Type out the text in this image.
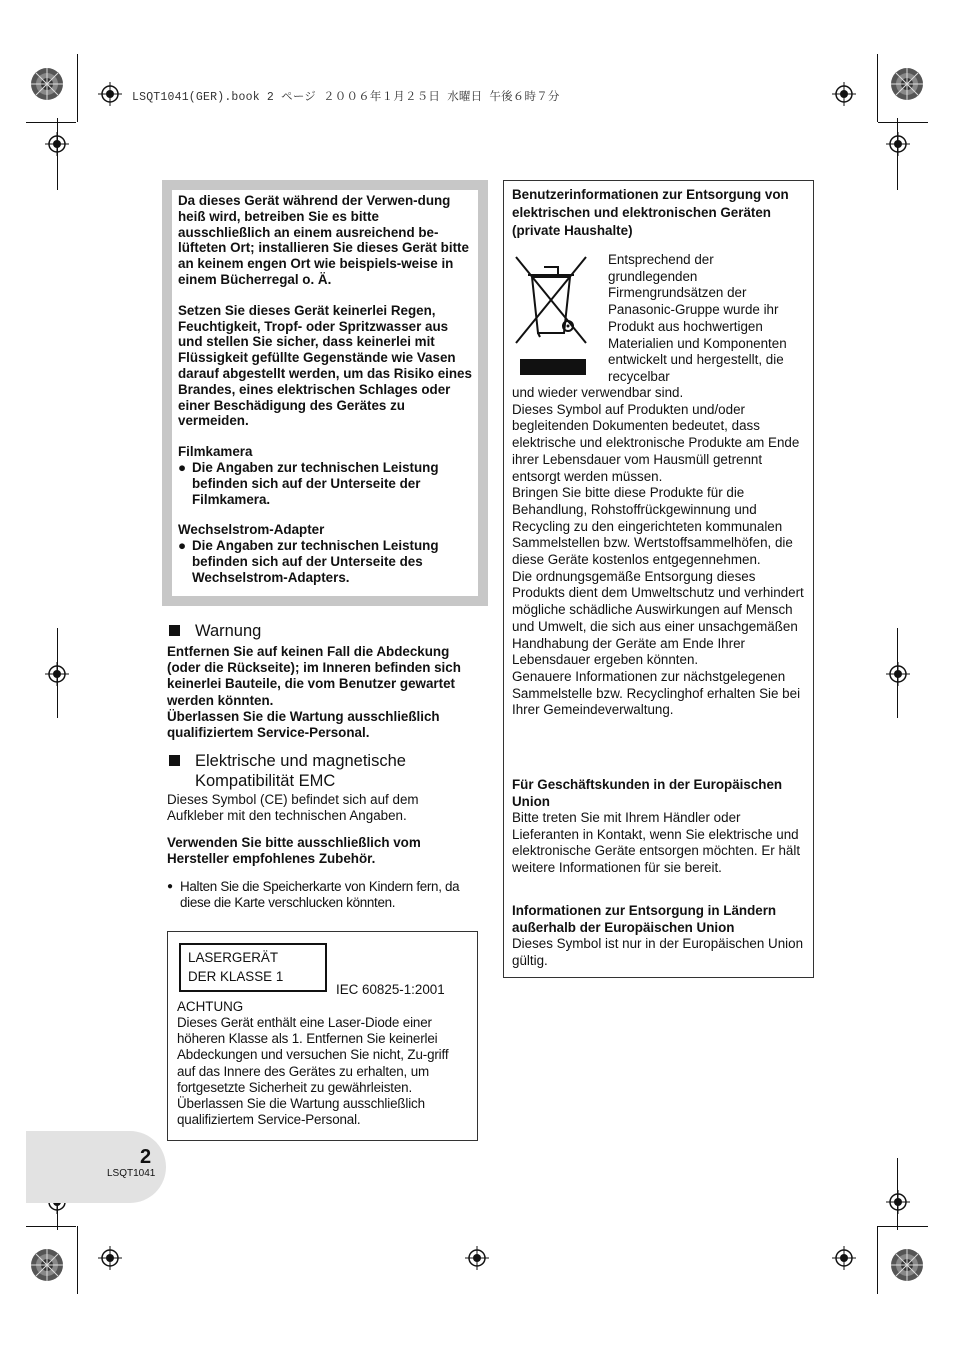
LSQT1041(GER).book 2 ページ ２００６年１月２５日 水曜日 午後６時７分

Da dieses Gerät während der Verwen-dung heiß wird, betreiben Sie es bitte ausschließlich an einem ausreichend be-lüfteten Ort; installieren Sie dieses Gerät bitte an keinem engen Ort wie beispiels-weise in einem Bücherregal o. Ä.

Setzen Sie dieses Gerät keinerlei Regen, Feuchtigkeit, Tropf- oder Spritzwasser aus und stellen Sie sicher, dass keinerlei mit Flüssigkeit gefüllte Gegenstände wie Vasen darauf abgestellt werden, um das Risiko eines Brandes, eines elektrischen Schlages oder einer Beschädigung des Gerätes zu vermeiden.

Filmkamera

● Die Angaben zur technischen Leistung befinden sich auf der Unterseite der Filmkamera.

Wechselstrom-Adapter

● Die Angaben zur technischen Leistung befinden sich auf der Unterseite des Wechselstrom-Adapters.
Warnung
Entfernen Sie auf keinen Fall die Abdeckung (oder die Rückseite); im Inneren befinden sich keinerlei Bauteile, die vom Benutzer gewartet werden könnten.
Überlassen Sie die Wartung ausschließlich qualifiziertem Service-Personal.
Elektrische und magnetische Kompatibilität EMC
Dieses Symbol (CE) befindet sich auf dem Aufkleber mit den technischen Angaben.
Verwenden Sie bitte ausschließlich vom Hersteller empfohlenes Zubehör.
● Halten Sie die Speicherkarte von Kindern fern, da diese die Karte verschlucken könnten.
LASERGERÄT
DER KLASSE 1
IEC 60825-1:2001
ACHTUNG
Dieses Gerät enthält eine Laser-Diode einer höheren Klasse als 1. Entfernen Sie keinerlei Abdeckungen und versuchen Sie nicht, Zu-griff auf das Innere des Gerätes zu erhalten, um fortgesetzte Sicherheit zu gewährleisten. Überlassen Sie die Wartung ausschließlich qualifiziertem Service-Personal.
Benutzerinformationen zur Entsorgung von elektrischen und elektronischen Geräten (private Haushalte)
Entsprechend der grundlegenden Firmengrundsätzen der Panasonic-Gruppe wurde ihr Produkt aus hochwertigen Materialien und Komponenten entwickelt und hergestellt, die recycelbar
und wieder verwendbar sind.
Dieses Symbol auf Produkten und/oder begleitenden Dokumenten bedeutet, dass elektrische und elektronische Produkte am Ende ihrer Lebensdauer vom Hausmüll getrennt entsorgt werden müssen.
Bringen Sie bitte diese Produkte für die Behandlung, Rohstoffrückgewinnung und Recycling zu den eingerichteten kommunalen Sammelstellen bzw. Wertstoffsammelhöfen, die diese Geräte kostenlos entgegennehmen.
Die ordnungsgemäße Entsorgung dieses Produkts dient dem Umweltschutz und verhindert mögliche schädliche Auswirkungen auf Mensch und Umwelt, die sich aus einer unsachgemäßen Handhabung der Geräte am Ende Ihrer Lebensdauer ergeben könnten.
Genauere Informationen zur nächstgelegenen Sammelstelle bzw. Recyclinghof erhalten Sie bei Ihrer Gemeindeverwaltung.
Für Geschäftskunden in der Europäischen Union
Bitte treten Sie mit Ihrem Händler oder Lieferanten in Kontakt, wenn Sie elektrische und elektronische Geräte entsorgen möchten. Er hält weitere Informationen für sie bereit.
Informationen zur Entsorgung in Ländern außerhalb der Europäischen Union
Dieses Symbol ist nur in der Europäischen Union gültig.
2
LSQT1041
